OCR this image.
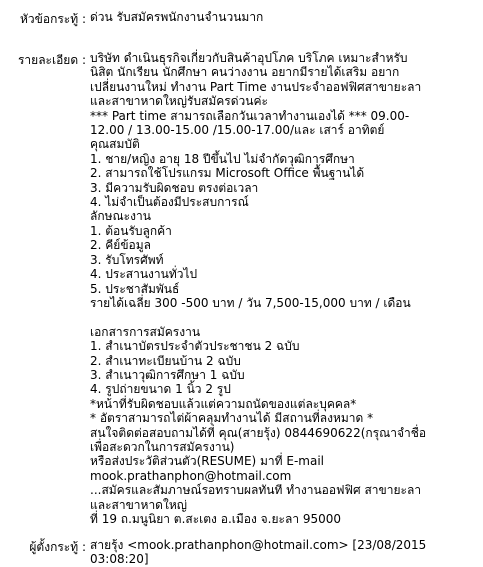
หัวข้อกระทู้ : ด่วน รับสมัครพนักงานจำนวนมาก
รายละเอียด : บริษัท ดำเนินธุรกิจเกี่ยวกับสินค้าอุปโภค บริโภค เหมาะสำหรับ
นิสิต นักเรียน นักศึกษา คนว่างงาน อยากมีรายได้เสริม อยาก
เปลี่ยนงานใหม่ ทำงาน Part Time งานประจำออฟฟิศสาขายะลา
และสาขาหาดใหญ่รับสมัครด่วนค่ะ
*** Part time สามารถเลือกวันเวลาทำงานเองได้ *** 09.00-
12.00 / 13.00-15.00 /15.00-17.00/และ เสาร์ อาทิตย์
คุณสมบัติ
1. ชาย/หญิง อายุ 18 ปีขึ้นไป ไม่จำกัดวุฒิการศึกษา
2. สามารถใช้โปรแกรม Microsoft Office พื้นฐานได้
3. มีความรับผิดชอบ ตรงต่อเวลา
4. ไม่จำเป็นต้องมีประสบการณ์
ลักษณะงาน
1. ต้อนรับลูกค้า
2. คีย์ข้อมูล
3. รับโทรศัพท์
4. ประสานงานทั่วไป
5. ประชาสัมพันธ์
รายได้เฉลี่ย 300 -500 บาท / วัน 7,500-15,000 บาท / เดือน
เอกสารการสมัครงาน
1. สำเนาบัตรประจำตัวประชาชน 2 ฉบับ
2. สำเนาทะเบียนบ้าน 2 ฉบับ
3. สำเนาวุฒิการศึกษา 1 ฉบับ
4. รูปถ่ายขนาด 1 นิ้ว 2 รูป
*หน้าที่รับผิดชอบแล้วแต่ความถนัดของแต่ละบุคคล*
* อัตราสามารถไต่ผ้าคลุมทำงานได้ มีสถานที่ลงหมาด *
สนใจติดต่อสอบถามได้ที่ คุณ(สายรุ้ง) 0844690622(กรุณาจำชื่อ
เพื่อสะดวกในการสมัครงาน)
หรือส่งประวัติส่วนตัว(RESUME) มาที่ E-mail
mook.prathanphon@hotmail.com
...สมัครและสัมภาษณ์รอทราบผลทันที ทำงานออฟฟิศ สาขายะลา
และสาขาหาดใหญ่
ที่ 19 ถ.มนูนิยา ต.สะเตง อ.เมือง จ.ยะลา 95000
ผู้ตั้งกระทู้ : สายรุ้ง <mook.prathanphon@hotmail.com> [23/08/2015 03:08:20]
